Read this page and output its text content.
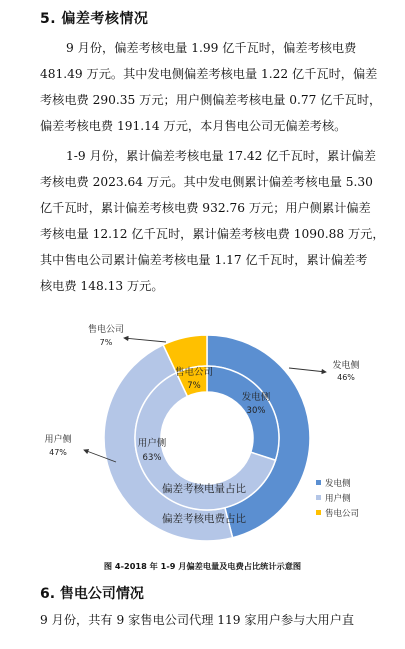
5. 偏差考核情况
9 月份，偏差考核电量 1.99 亿千瓦时，偏差考核电费
481.49 万元。其中发电侧偏差考核电量 1.22 亿千瓦时，偏差
考核电费 290.35 万元；用户侧偏差考核电量 0.77 亿千瓦时，
偏差考核电费 191.14 万元，本月售电公司无偏差考核。
1-9 月份，累计偏差考核电量 17.42 亿千瓦时，累计偏差
考核电费 2023.64 万元。其中发电侧累计偏差考核电量 5.30
亿千瓦时，累计偏差考核电费 932.76 万元；用户侧累计偏差
考核电量 12.12 亿千瓦时，累计偏差考核电费 1090.88 万元，
其中售电公司累计偏差考核电量 1.17 亿千瓦时，累计偏差考
核电费 148.13 万元。
发电侧
30%
用户侧
63%
售电公司
7%
偏差考核电量占比
偏差考核电费占比
发电侧
46%
用户侧
47%
售电公司
7%
发电侧
用户侧
售电公司
图 4-2018 年 1-9 月偏差电量及电费占比统计示意图
6. 售电公司情况
9 月份，共有 9 家售电公司代理 119 家用户参与大用户直
